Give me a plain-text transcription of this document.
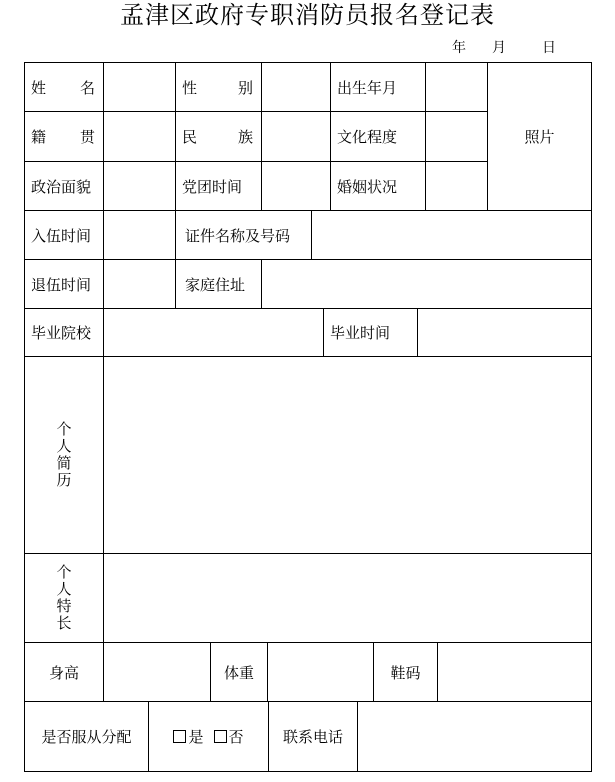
孟津区政府专职消防员报名登记表
年 月	日
姓 名	性	别	出生年月
照片
籍 贯	民	族	文化程度
政治面貌	党团时间	婚姻状况
入伍时间	证件名称及号码
退伍时间	家庭住址
毕业院校	毕业时间
个
人
简
历
个
人
特
长
身高	体重	鞋码
是否服从分配	是	否	联系电话
